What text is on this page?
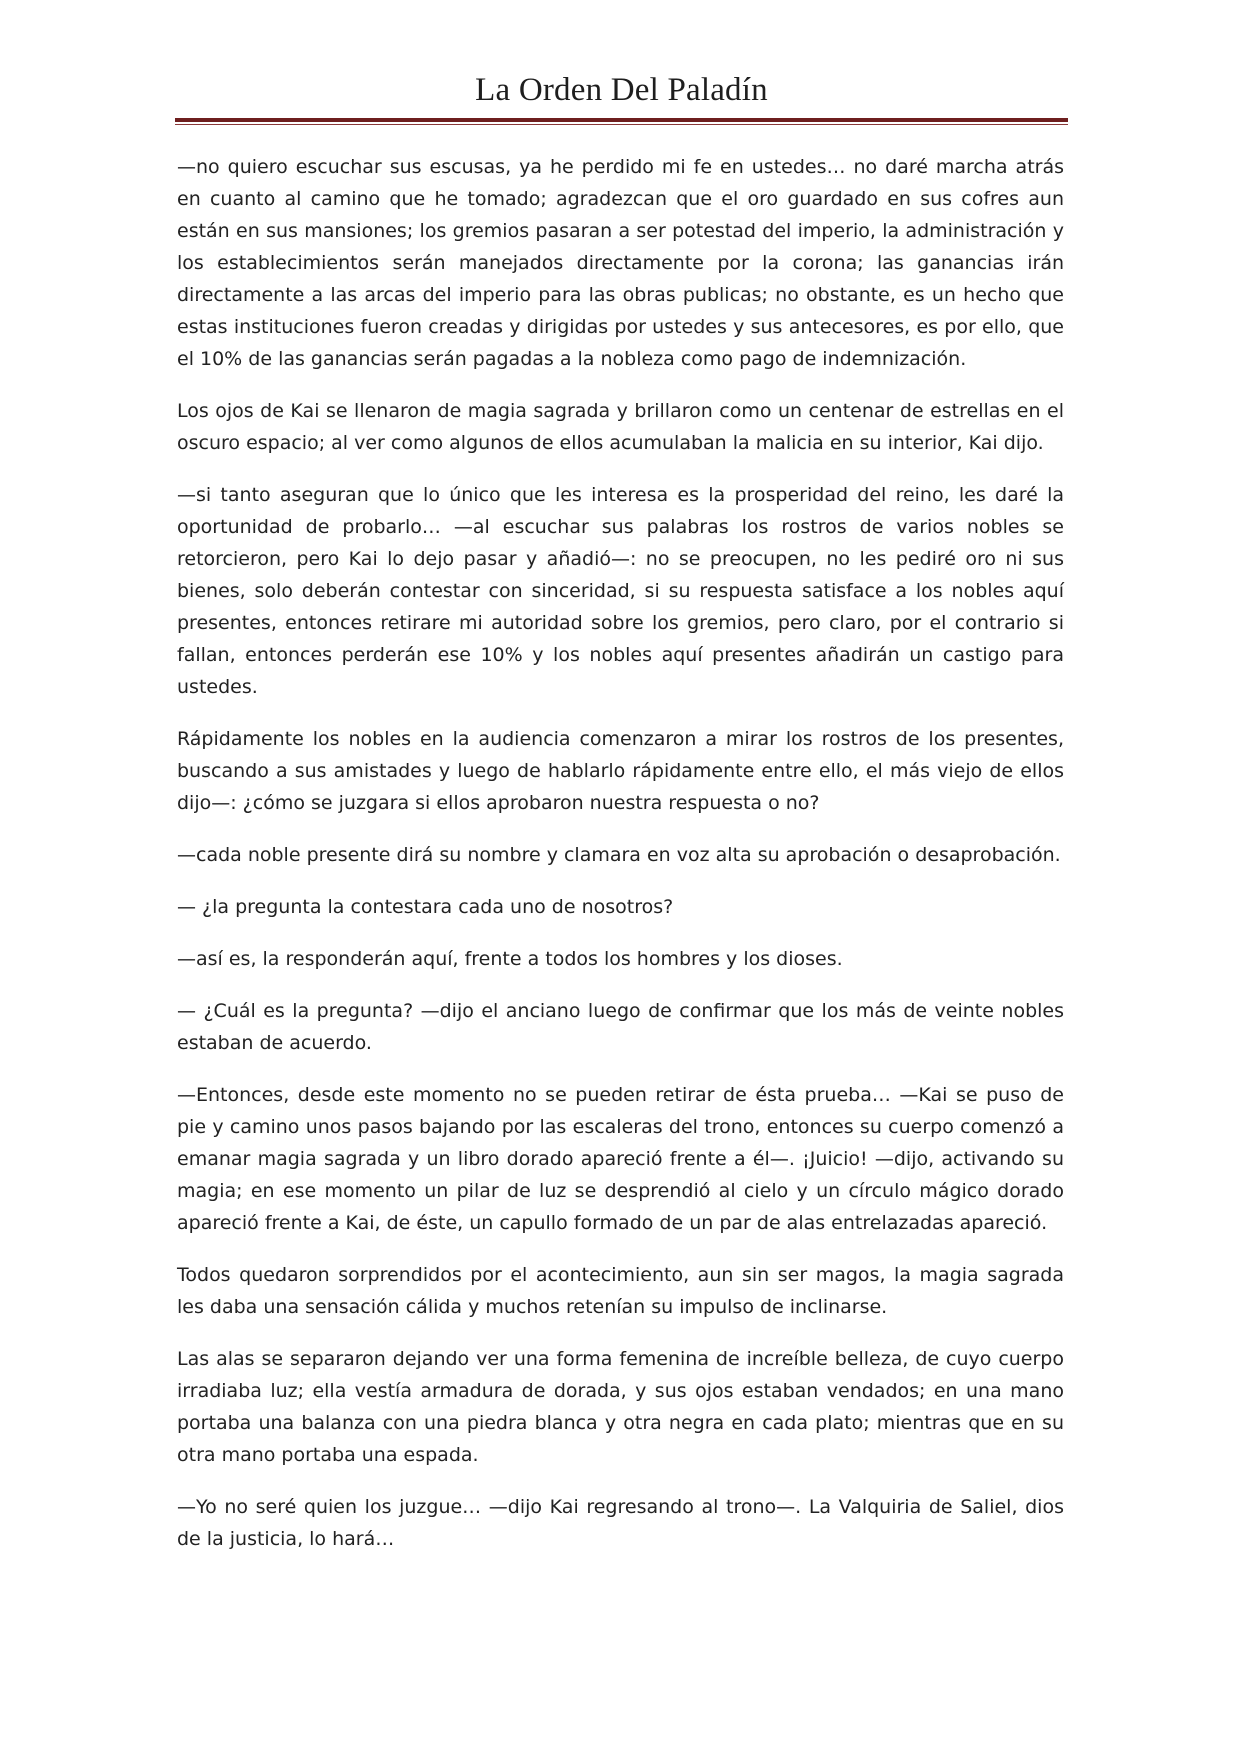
La Orden Del Paladín

—no quiero escuchar sus escusas, ya he perdido mi fe en ustedes… no daré marcha atrás en cuanto al camino que he tomado; agradezcan que el oro guardado en sus cofres aun están en sus mansiones; los gremios pasaran a ser potestad del imperio, la administración y los establecimientos serán manejados directamente por la corona; las ganancias irán directamente a las arcas del imperio para las obras publicas; no obstante, es un hecho que estas instituciones fueron creadas y dirigidas por ustedes y sus antecesores, es por ello, que el 10% de las ganancias serán pagadas a la nobleza como pago de indemnización.

Los ojos de Kai se llenaron de magia sagrada y brillaron como un centenar de estrellas en el oscuro espacio; al ver como algunos de ellos acumulaban la malicia en su interior, Kai dijo.

—si tanto aseguran que lo único que les interesa es la prosperidad del reino, les daré la oportunidad de probarlo… —al escuchar sus palabras los rostros de varios nobles se retorcieron, pero Kai lo dejo pasar y añadió—: no se preocupen, no les pediré oro ni sus bienes, solo deberán contestar con sinceridad, si su respuesta satisface a los nobles aquí presentes, entonces retirare mi autoridad sobre los gremios, pero claro, por el contrario si fallan, entonces perderán ese 10% y los nobles aquí presentes añadirán un castigo para ustedes.

Rápidamente los nobles en la audiencia comenzaron a mirar los rostros de los presentes, buscando a sus amistades y luego de hablarlo rápidamente entre ello, el más viejo de ellos dijo—: ¿cómo se juzgara si ellos aprobaron nuestra respuesta o no?

—cada noble presente dirá su nombre y clamara en voz alta su aprobación o desaprobación.

— ¿la pregunta la contestara cada uno de nosotros?

—así es, la responderán aquí, frente a todos los hombres y los dioses.

— ¿Cuál es la pregunta? —dijo el anciano luego de confirmar que los más de veinte nobles estaban de acuerdo.

—Entonces, desde este momento no se pueden retirar de ésta prueba… —Kai se puso de pie y camino unos pasos bajando por las escaleras del trono, entonces su cuerpo comenzó a emanar magia sagrada y un libro dorado apareció frente a él—. ¡Juicio! —dijo, activando su magia; en ese momento un pilar de luz se desprendió al cielo y un círculo mágico dorado apareció frente a Kai, de éste, un capullo formado de un par de alas entrelazadas apareció.

Todos quedaron sorprendidos por el acontecimiento, aun sin ser magos, la magia sagrada les daba una sensación cálida y muchos retenían su impulso de inclinarse.

Las alas se separaron dejando ver una forma femenina de increíble belleza, de cuyo cuerpo irradiaba luz; ella vestía armadura de dorada, y sus ojos estaban vendados; en una mano portaba una balanza con una piedra blanca y otra negra en cada plato; mientras que en su otra mano portaba una espada.

—Yo no seré quien los juzgue… —dijo Kai regresando al trono—. La Valquiria de Saliel, dios de la justicia, lo hará…
